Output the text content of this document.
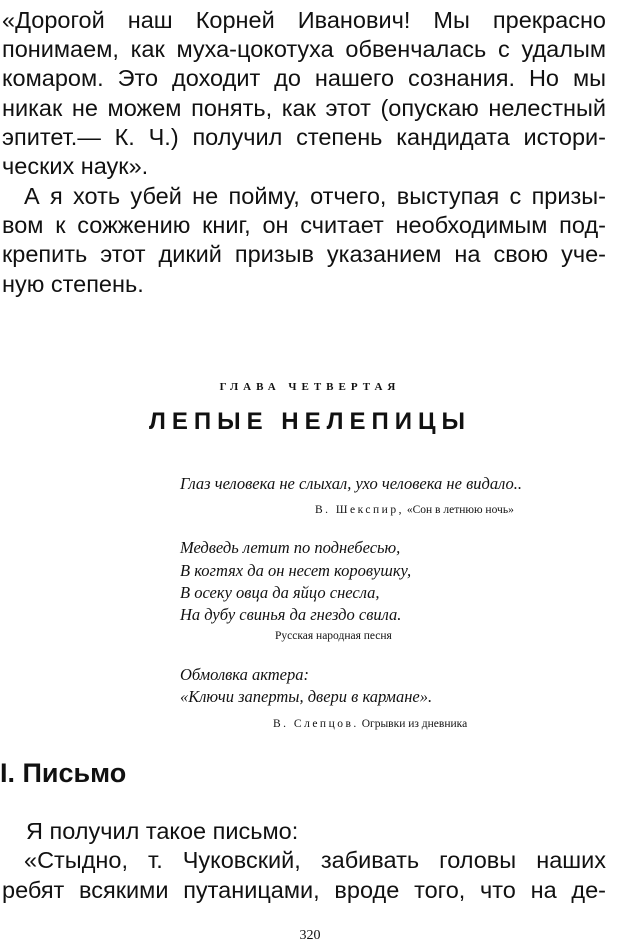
«Дорогой наш Корней Иванович! Мы прекрасно
понимаем, как муха-цокотуха обвенчалась с удалым
комаром. Это доходит до нашего сознания. Но мы
никак не можем понять, как этот (опускаю нелестный
эпитет.— К. Ч.) получил степень кандидата истори-
ческих наук».
А я хоть убей не пойму, отчего, выступая с призы-
вом к сожжению книг, он считает необходимым под-
крепить этот дикий призыв указанием на свою уче-
ную степень.
ГЛАВА ЧЕТВЕРТАЯ
ЛЕПЫЕ НЕЛЕПИЦЫ
Глаз человека не слыхал, ухо человека не видало..
В. Шекспир, «Сон в летнюю ночь»
Медведь летит по поднебесью,
В когтях да он несет коровушку,
В осеку овца да яйцо снесла,
На дубу свинья да гнездо свила.
Русская народная песня
Обмолвка актера:
«Ключи заперты, двери в кармане».
В. Слепцов. Огрывки из дневника
I. Письмо
Я получил такое письмо:
«Стыдно, т. Чуковский, забивать головы наших
ребят всякими путаницами, вроде того, что на де-
320
